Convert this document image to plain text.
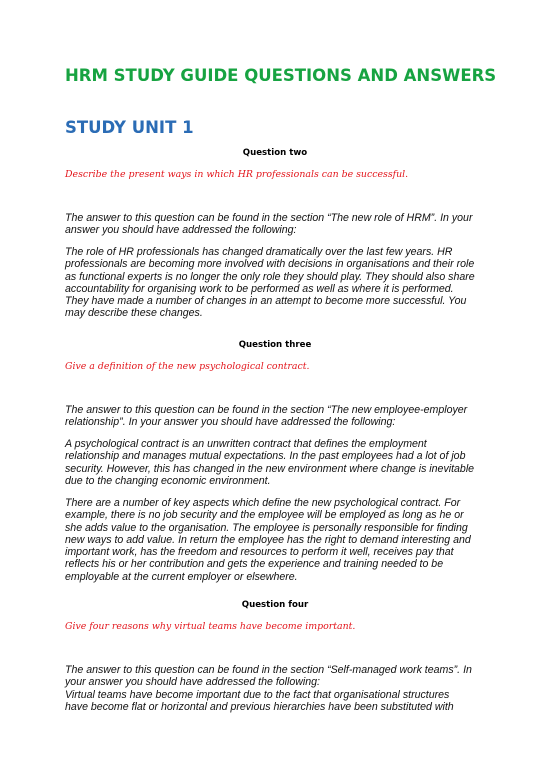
HRM STUDY GUIDE QUESTIONS AND ANSWERS
STUDY UNIT 1

Question two

Describe the present ways in which HR professionals can be successful.

The answer to this question can be found in the section “The new role of HRM”. In your
answer you should have addressed the following:

The role of HR professionals has changed dramatically over the last few years. HR
professionals are becoming more involved with decisions in organisations and their role
as functional experts is no longer the only role they should play. They should also share
accountability for organising work to be performed as well as where it is performed.
They have made a number of changes in an attempt to become more successful. You
may describe these changes.

Question three

Give a definition of the new psychological contract.

The answer to this question can be found in the section “The new employee-employer
relationship”. In your answer you should have addressed the following:

A psychological contract is an unwritten contract that defines the employment
relationship and manages mutual expectations. In the past employees had a lot of job
security. However, this has changed in the new environment where change is inevitable
due to the changing economic environment.

There are a number of key aspects which define the new psychological contract. For
example, there is no job security and the employee will be employed as long as he or
she adds value to the organisation. The employee is personally responsible for finding
new ways to add value. In return the employee has the right to demand interesting and
important work, has the freedom and resources to perform it well, receives pay that
reflects his or her contribution and gets the experience and training needed to be
employable at the current employer or elsewhere.

Question four

Give four reasons why virtual teams have become important.

The answer to this question can be found in the section “Self-managed work teams”. In
your answer you should have addressed the following:
Virtual teams have become important due to the fact that organisational structures
have become flat or horizontal and previous hierarchies have been substituted with
